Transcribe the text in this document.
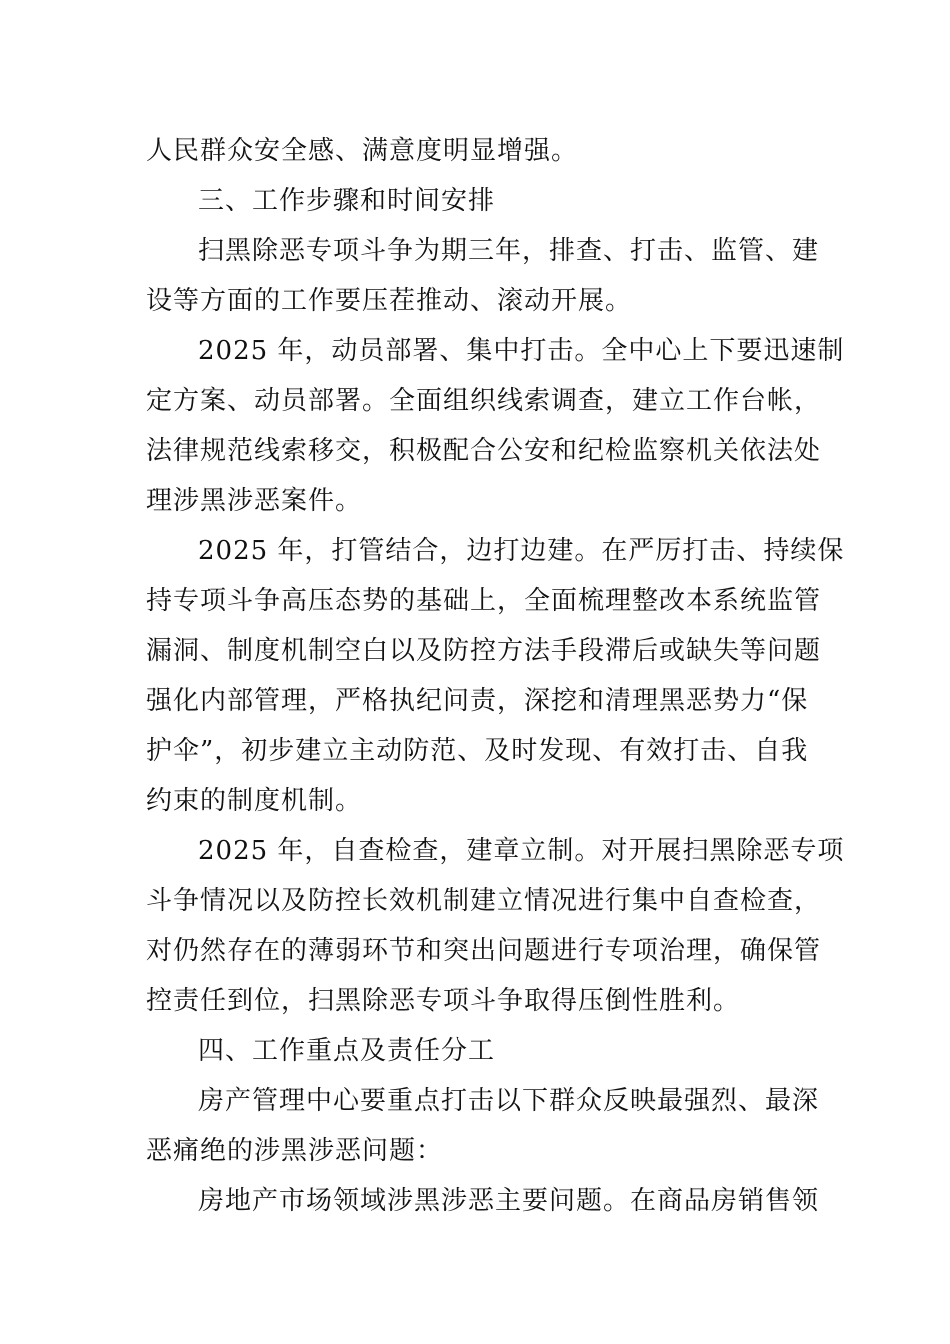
人民群众安全感、满意度明显增强。
三、工作步骤和时间安排
扫黑除恶专项斗争为期三年，排查、打击、监管、建
设等方面的工作要压茬推动、滚动开展。
2025 年，动员部署、集中打击。全中心上下要迅速制
定方案、动员部署。全面组织线索调查，建立工作台帐，
法律规范线索移交，积极配合公安和纪检监察机关依法处
理涉黑涉恶案件。
2025 年，打管结合，边打边建。在严厉打击、持续保
持专项斗争高压态势的基础上，全面梳理整改本系统监管
漏洞、制度机制空白以及防控方法手段滞后或缺失等问题
强化内部管理，严格执纪问责，深挖和清理黑恶势力“保
护伞”，初步建立主动防范、及时发现、有效打击、自我
约束的制度机制。
2025 年，自查检查，建章立制。对开展扫黑除恶专项
斗争情况以及防控长效机制建立情况进行集中自查检查，
对仍然存在的薄弱环节和突出问题进行专项治理，确保管
控责任到位，扫黑除恶专项斗争取得压倒性胜利。
四、工作重点及责任分工
房产管理中心要重点打击以下群众反映最强烈、最深
恶痛绝的涉黑涉恶问题：
房地产市场领域涉黑涉恶主要问题。在商品房销售领
